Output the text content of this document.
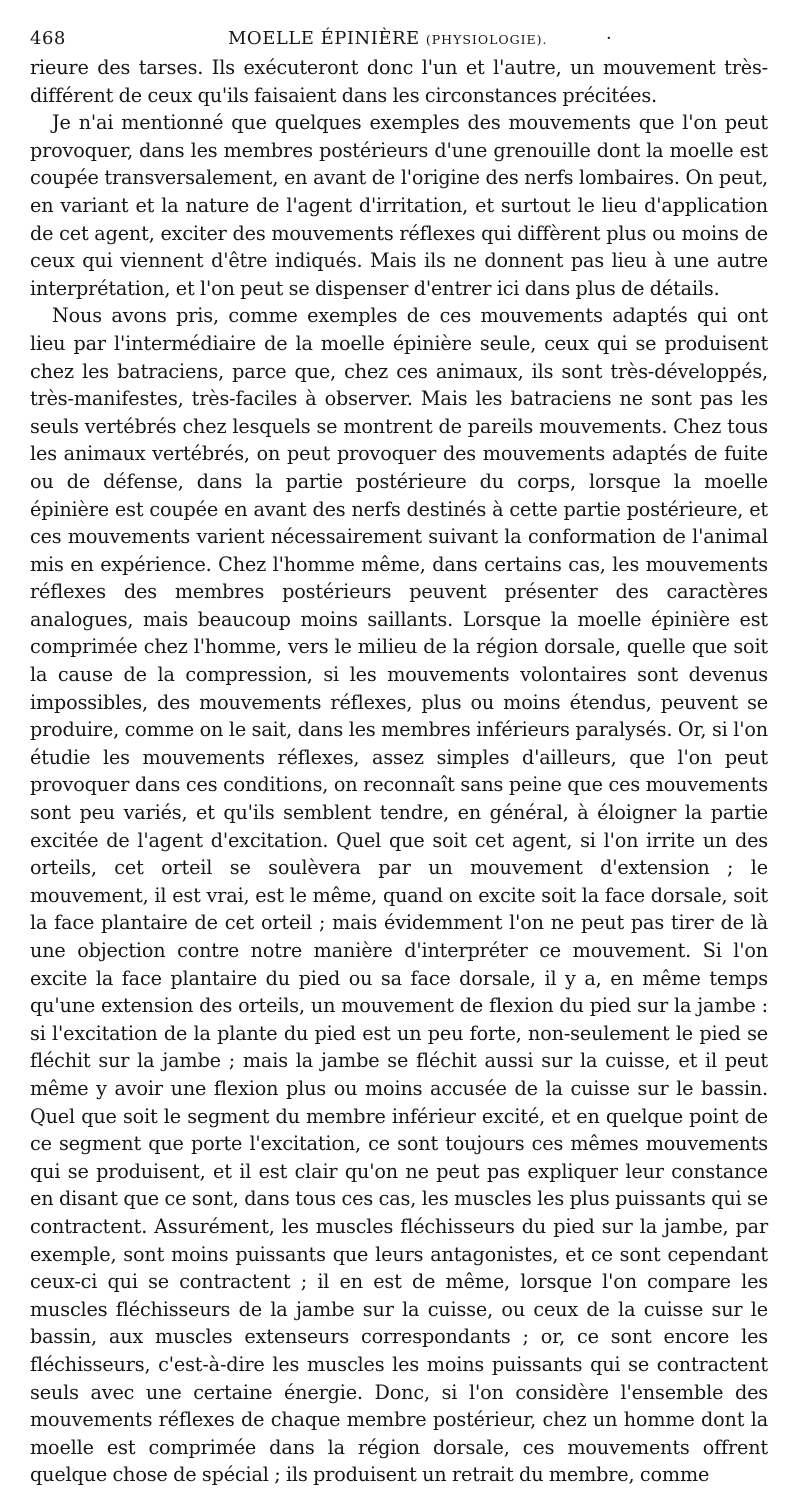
468	MOELLE ÉPINIÈRE (PHYSIOLOGIE).	·

rieure des tarses. Ils exécuteront donc l'un et l'autre, un mouvement très-différent de ceux qu'ils faisaient dans les circonstances précitées.

Je n'ai mentionné que quelques exemples des mouvements que l'on peut provoquer, dans les membres postérieurs d'une grenouille dont la moelle est coupée transversalement, en avant de l'origine des nerfs lombaires. On peut, en variant et la nature de l'agent d'irritation, et surtout le lieu d'application de cet agent, exciter des mouvements réflexes qui diffèrent plus ou moins de ceux qui viennent d'être indiqués. Mais ils ne donnent pas lieu à une autre interprétation, et l'on peut se dispenser d'entrer ici dans plus de détails.

Nous avons pris, comme exemples de ces mouvements adaptés qui ont lieu par l'intermédiaire de la moelle épinière seule, ceux qui se produisent chez les batraciens, parce que, chez ces animaux, ils sont très-développés, très-manifestes, très-faciles à observer. Mais les batraciens ne sont pas les seuls vertébrés chez lesquels se montrent de pareils mouvements. Chez tous les animaux vertébrés, on peut provoquer des mouvements adaptés de fuite ou de défense, dans la partie postérieure du corps, lorsque la moelle épinière est coupée en avant des nerfs destinés à cette partie postérieure, et ces mouvements varient nécessairement suivant la conformation de l'animal mis en expérience. Chez l'homme même, dans certains cas, les mouvements réflexes des membres postérieurs peuvent présenter des caractères analogues, mais beaucoup moins saillants. Lorsque la moelle épinière est comprimée chez l'homme, vers le milieu de la région dorsale, quelle que soit la cause de la compression, si les mouvements volontaires sont devenus impossibles, des mouvements réflexes, plus ou moins étendus, peuvent se produire, comme on le sait, dans les membres inférieurs paralysés. Or, si l'on étudie les mouvements réflexes, assez simples d'ailleurs, que l'on peut provoquer dans ces conditions, on reconnaît sans peine que ces mouvements sont peu variés, et qu'ils semblent tendre, en général, à éloigner la partie excitée de l'agent d'excitation. Quel que soit cet agent, si l'on irrite un des orteils, cet orteil se soulèvera par un mouvement d'extension ; le mouvement, il est vrai, est le même, quand on excite soit la face dorsale, soit la face plantaire de cet orteil ; mais évidemment l'on ne peut pas tirer de là une objection contre notre manière d'interpréter ce mouvement. Si l'on excite la face plantaire du pied ou sa face dorsale, il y a, en même temps qu'une extension des orteils, un mouvement de flexion du pied sur la jambe : si l'excitation de la plante du pied est un peu forte, non-seulement le pied se fléchit sur la jambe ; mais la jambe se fléchit aussi sur la cuisse, et il peut même y avoir une flexion plus ou moins accusée de la cuisse sur le bassin. Quel que soit le segment du membre inférieur excité, et en quelque point de ce segment que porte l'excitation, ce sont toujours ces mêmes mouvements qui se produisent, et il est clair qu'on ne peut pas expliquer leur constance en disant que ce sont, dans tous ces cas, les muscles les plus puissants qui se contractent. Assurément, les muscles fléchisseurs du pied sur la jambe, par exemple, sont moins puissants que leurs antagonistes, et ce sont cependant ceux-ci qui se contractent ; il en est de même, lorsque l'on compare les muscles fléchisseurs de la jambe sur la cuisse, ou ceux de la cuisse sur le bassin, aux muscles extenseurs correspondants ; or, ce sont encore les fléchisseurs, c'est-à-dire les muscles les moins puissants qui se contractent seuls avec une certaine énergie. Donc, si l'on considère l'ensemble des mouvements réflexes de chaque membre postérieur, chez un homme dont la moelle est comprimée dans la région dorsale, ces mouvements offrent quelque chose de spécial ; ils produisent un retrait du membre, comme
